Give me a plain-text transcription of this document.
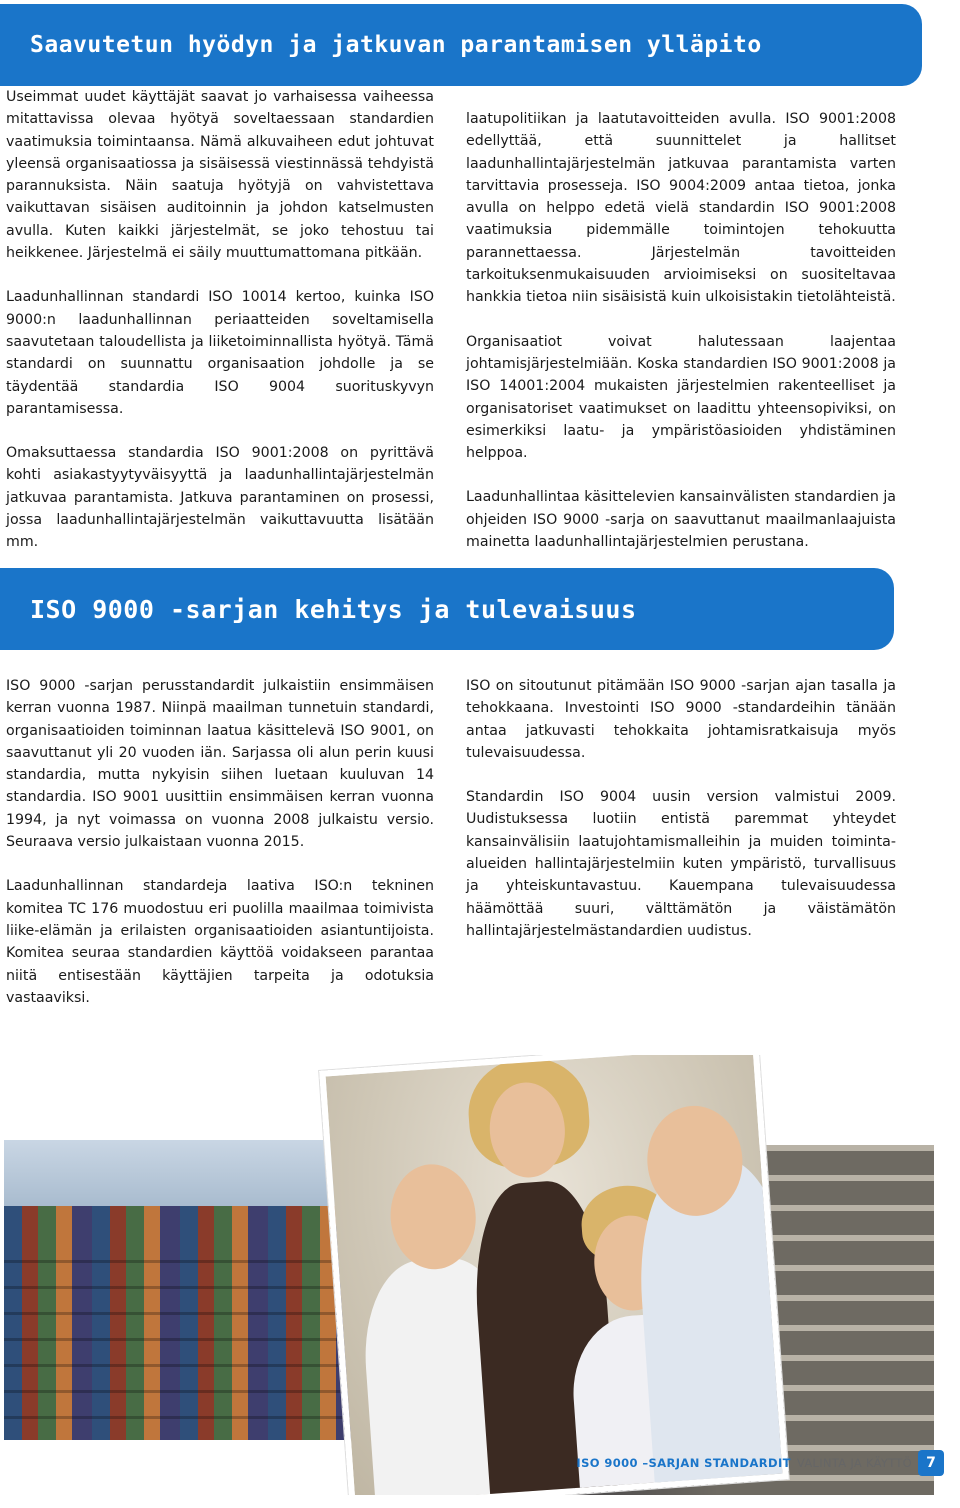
Saavutetun hyödyn ja jatkuvan parantamisen ylläpito

Useimmat uudet käyttäjät saavat jo varhaisessa vaiheessa mitattavissa olevaa hyötyä soveltaessaan standardien vaatimuksia toimintaansa. Nämä alkuvaiheen edut johtuvat yleensä organisaatiossa ja sisäisessä viestinnässä tehdyistä parannuksista. Näin saatuja hyötyjä on vahvistettava vaikuttavan sisäisen auditoinnin ja johdon katselmusten avulla. Kuten kaikki järjestelmät, se joko tehostuu tai heikkenee. Järjestelmä ei säily muuttumattomana pitkään.

Laadunhallinnan standardi ISO 10014 kertoo, kuinka ISO 9000:n laadunhallinnan periaatteiden soveltamisella saavutetaan taloudellista ja liiketoiminnallista hyötyä. Tämä standardi on suunnattu organisaation johdolle ja se täydentää standardia ISO 9004 suorituskyvyn parantamisessa.

Omaksuttaessa standardia ISO 9001:2008 on pyrittävä kohti asiakastyytyväisyyttä ja laadunhallintajärjestelmän jatkuvaa parantamista. Jatkuva parantaminen on prosessi, jossa laadunhallintajärjestelmän vaikuttavuutta lisätään mm.

laatupolitiikan ja laatutavoitteiden avulla. ISO 9001:2008 edellyttää, että suunnittelet ja hallitset laadunhallintajärjestelmän jatkuvaa parantamista varten tarvittavia prosesseja. ISO 9004:2009 antaa tietoa, jonka avulla on helppo edetä vielä standardin ISO 9001:2008 vaatimuksia pidemmälle toimintojen tehokuutta parannettaessa. Järjestelmän tavoitteiden tarkoituksenmukaisuuden arvioimiseksi on suositeltavaa hankkia tietoa niin sisäisistä kuin ulkoisistakin tietolähteistä.

Organisaatiot voivat halutessaan laajentaa johtamisjärjestelmiään. Koska standardien ISO 9001:2008 ja ISO 14001:2004 mukaisten järjestelmien rakenteelliset ja organisatoriset vaatimukset on laadittu yhteensopiviksi, on esimerkiksi laatu- ja ympäristöasioiden yhdistäminen helppoa.

Laadunhallintaa käsittelevien kansainvälisten standardien ja ohjeiden ISO 9000 -sarja on saavuttanut maailmanlaajuista mainetta laadunhallintajärjestelmien perustana.

ISO 9000 -sarjan kehitys ja tulevaisuus

ISO 9000 -sarjan perusstandardit julkaistiin ensimmäisen kerran vuonna 1987. Niinpä maailman tunnetuin standardi, organisaatioiden toiminnan laatua käsittelevä ISO 9001, on saavuttanut yli 20 vuoden iän. Sarjassa oli alun perin kuusi standardia, mutta nykyisin siihen luetaan kuuluvan 14 standardia. ISO 9001 uusittiin ensimmäisen kerran vuonna 1994, ja nyt voimassa on vuonna 2008 julkaistu versio. Seuraava versio julkaistaan vuonna 2015.

Laadunhallinnan standardeja laativa ISO:n tekninen komitea TC 176 muodostuu eri puolilla maailmaa toimivista liike-elämän ja erilaisten organisaatioiden asiantuntijoista. Komitea seuraa standardien käyttöä voidakseen parantaa niitä entisestään käyttäjien tarpeita ja odotuksia vastaaviksi.

ISO on sitoutunut pitämään ISO 9000 -sarjan ajan tasalla ja tehokkaana. Investointi ISO 9000 -standardeihin tänään antaa jatkuvasti tehokkaita johtamisratkaisuja myös tulevaisuudessa.

Standardin ISO 9004 uusin version valmistui 2009. Uudistuksessa luotiin entistä paremmat yhteydet kansainvälisiin laatujohtamismalleihin ja muiden toiminta-alueiden hallintajärjestelmiin kuten ympäristö, turvallisuus ja yhteiskuntavastuu. Kauempana tulevaisuudessa häämöttää suuri, välttämätön ja väistämätön hallintajärjestelmästandardien uudistus.

ISO 9000 –SARJAN STANDARDIT VALINTA JA KÄYTTÖ	7
